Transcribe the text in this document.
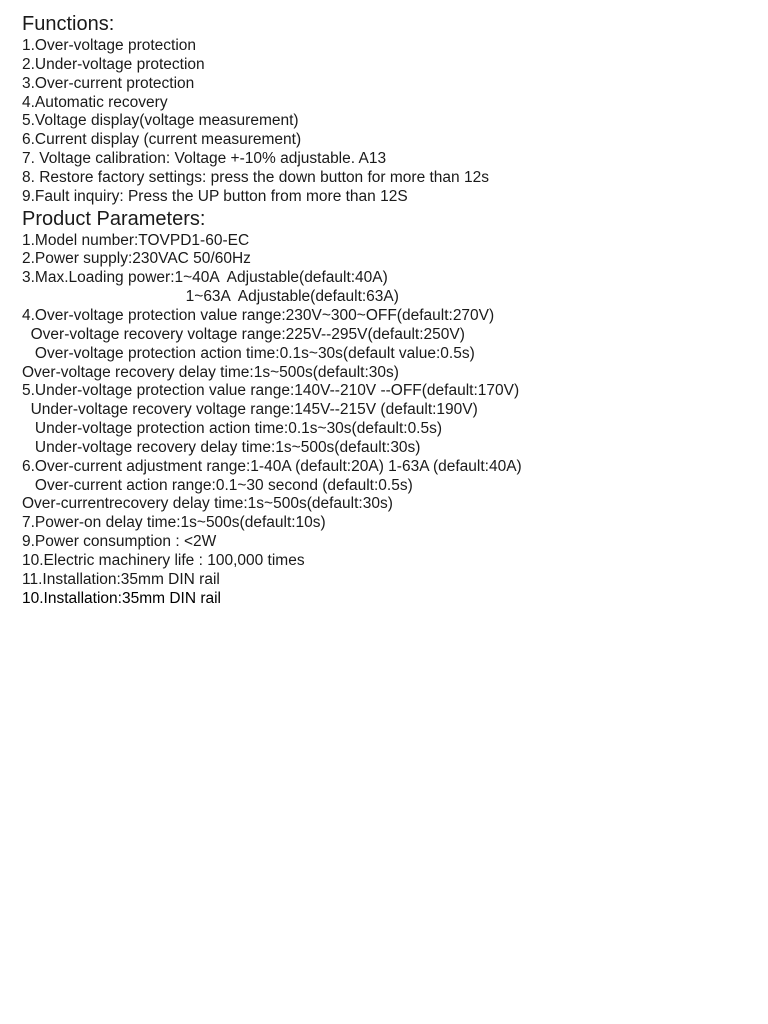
Functions:
1.Over-voltage protection
2.Under-voltage protection
3.Over-current protection
4.Automatic recovery
5.Voltage display(voltage measurement)
6.Current display (current measurement)
7. Voltage calibration: Voltage +-10% adjustable. A13
8. Restore factory settings: press the down button for more than 12s
9.Fault inquiry: Press the UP button from more than 12S
Product Parameters:
1.Model number:TOVPD1-60-EC
2.Power supply:230VAC 50/60Hz
3.Max.Loading power:1~40A  Adjustable(default:40A)
1~63A  Adjustable(default:63A)
4.Over-voltage protection value range:230V~300~OFF(default:270V)
Over-voltage recovery voltage range:225V--295V(default:250V)
Over-voltage protection action time:0.1s~30s(default value:0.5s)
Over-voltage recovery delay time:1s~500s(default:30s)
5.Under-voltage protection value range:140V--210V --OFF(default:170V)
Under-voltage recovery voltage range:145V--215V (default:190V)
Under-voltage protection action time:0.1s~30s(default:0.5s)
Under-voltage recovery delay time:1s~500s(default:30s)
6.Over-current adjustment range:1-40A (default:20A) 1-63A (default:40A)
Over-current action range:0.1~30 second (default:0.5s)
Over-currentrecovery delay time:1s~500s(default:30s)
7.Power-on delay time:1s~500s(default:10s)
9.Power consumption : <2W
10.Electric machinery life : 100,000 times
11.Installation:35mm DIN rail
10.Installation:35mm DIN rail
